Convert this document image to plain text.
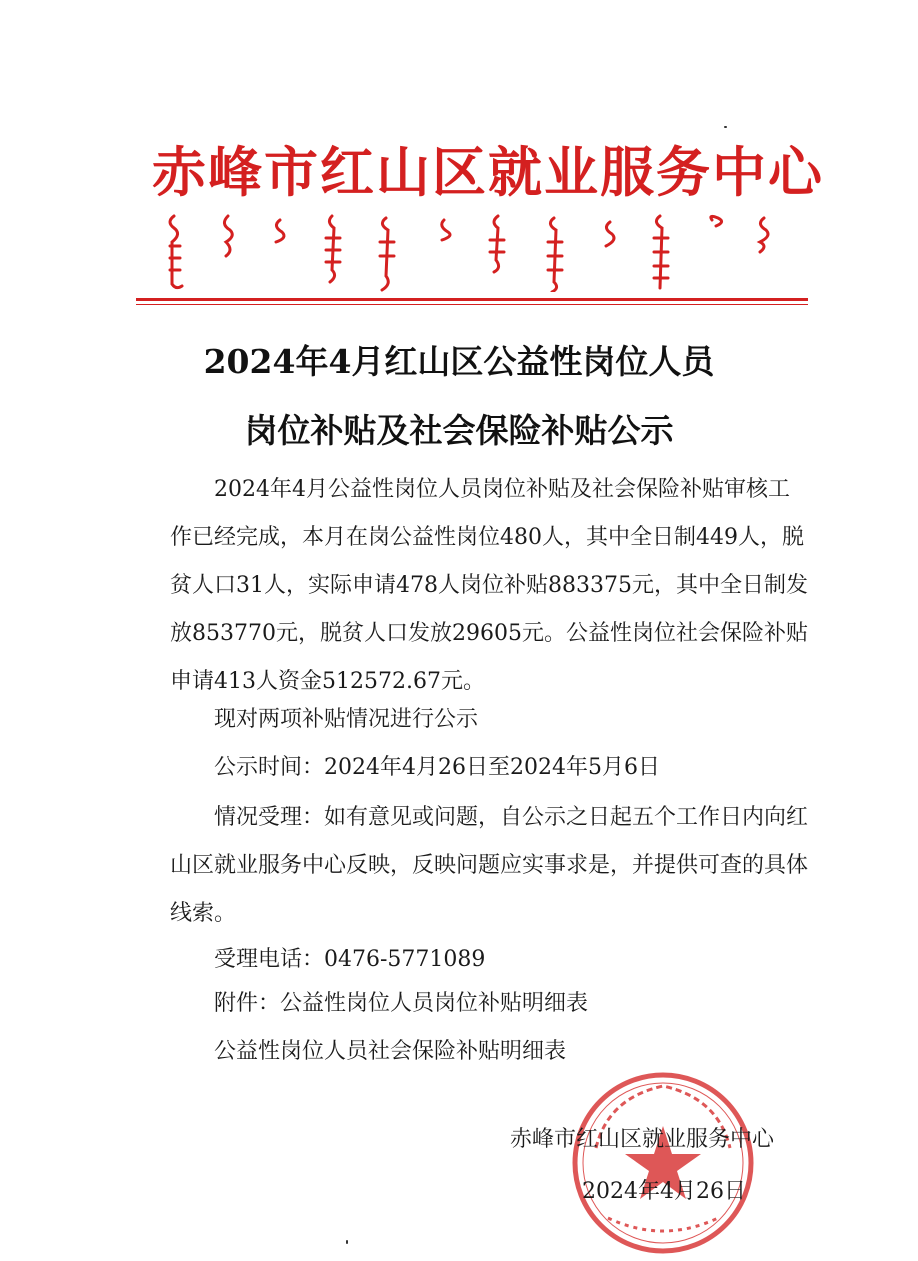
赤峰市红山区就业服务中心
2024年4月红山区公益性岗位人员
岗位补贴及社会保险补贴公示
2024年4月公益性岗位人员岗位补贴及社会保险补贴审核工作已经完成，本月在岗公益性岗位480人，其中全日制449人，脱贫人口31人，实际申请478人岗位补贴883375元，其中全日制发放853770元，脱贫人口发放29605元。公益性岗位社会保险补贴申请413人资金512572.67元。
现对两项补贴情况进行公示
公示时间：2024年4月26日至2024年5月6日
情况受理：如有意见或问题，自公示之日起五个工作日内向红山区就业服务中心反映，反映问题应实事求是，并提供可查的具体线索。
受理电话：0476-5771089
附件：公益性岗位人员岗位补贴明细表
公益性岗位人员社会保险补贴明细表
赤峰市红山区就业服务中心
2024年4月26日
